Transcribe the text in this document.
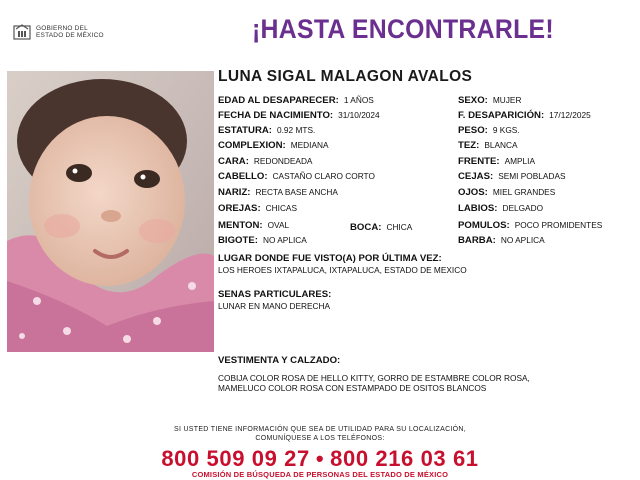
GOBIERNO DEL
ESTADO DE MÉXICO	¡HASTA ENCONTRARLE!
LUNA SIGAL MALAGON AVALOS
EDAD AL DESAPARECER: 1 AÑOS
FECHA DE NACIMIENTO: 31/10/2024
ESTATURA: 0.92 MTS.
COMPLEXION: MEDIANA
CARA: REDONDEADA
CABELLO: CASTAÑO CLARO CORTO
NARIZ: RECTA BASE ANCHA
OREJAS: CHICAS
MENTON: OVAL	BOCA: CHICA
BIGOTE: NO APLICA
SEXO: MUJER
F. DESAPARICIÓN: 17/12/2025
PESO: 9 KGS.
TEZ: BLANCA
FRENTE: AMPLIA
CEJAS: SEMI POBLADAS
OJOS: MIEL GRANDES
LABIOS: DELGADO
POMULOS: POCO PROMIDENTES
BARBA: NO APLICA
LUGAR DONDE FUE VISTO(A) POR ÚLTIMA VEZ:
LOS HEROES IXTAPALUCA, IXTAPALUCA, ESTADO DE MEXICO
SENAS PARTICULARES:
LUNAR EN MANO DERECHA
VESTIMENTA Y CALZADO:
COBIJA COLOR ROSA DE HELLO KITTY, GORRO DE ESTAMBRE COLOR ROSA,
MAMELUCO COLOR ROSA CON ESTAMPADO DE OSITOS BLANCOS
SI USTED TIENE INFORMACIÓN QUE SEA DE UTILIDAD PARA SU LOCALIZACIÓN,
COMUNÍQUESE A LOS TELÉFONOS:
800 509 09 27 • 800 216 03 61
COMISIÓN DE BÚSQUEDA DE PERSONAS DEL ESTADO DE MÉXICO
